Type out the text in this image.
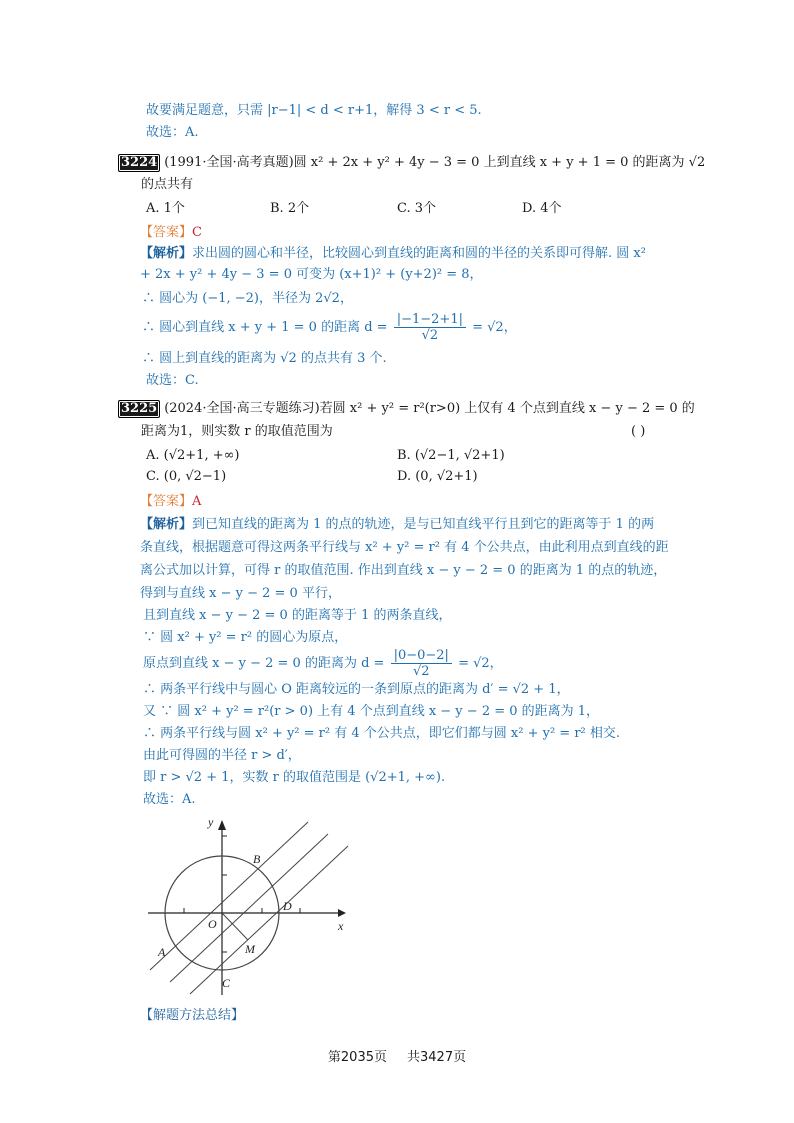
故要满足题意，只需 |r−1| < d < r+1，解得 3 < r < 5.
故选：A.
3224 (1991·全国·高考真题)圆 x² + 2x + y² + 4y − 3 = 0 上到直线 x + y + 1 = 0 的距离为 √2
的点共有
A. 1个	B. 2个	C. 3个	D. 4个
【答案】C
【解析】求出圆的圆心和半径，比较圆心到直线的距离和圆的半径的关系即可得解. 圆 x²
+ 2x + y² + 4y − 3 = 0 可变为 (x+1)² + (y+2)² = 8，
∴ 圆心为 (−1, −2)，半径为 2√2，
∴ 圆心到直线 x + y + 1 = 0 的距离 $d = \frac{|-1-2+1|}{√2} = √2$，
∴ 圆上到直线的距离为 √2 的点共有 3 个.
故选：C.
3225 (2024·全国·高三专题练习)若圆 x² + y² = r²(r>0) 上仅有 4 个点到直线 x − y − 2 = 0 的
距离为1，则实数 r 的取值范围为	( )
A. (√2+1, +∞)	B. (√2−1, √2+1)
C. (0, √2−1)	D. (0, √2+1)
【答案】A
【解析】到已知直线的距离为 1 的点的轨迹，是与已知直线平行且到它的距离等于 1 的两
条直线，根据题意可得这两条平行线与 x² + y² = r² 有 4 个公共点，由此利用点到直线的距
离公式加以计算，可得 r 的取值范围. 作出到直线 x − y − 2 = 0 的距离为 1 的点的轨迹，
得到与直线 x − y − 2 = 0 平行，
且到直线 x − y − 2 = 0 的距离等于 1 的两条直线，
∵ 圆 x² + y² = r² 的圆心为原点，
原点到直线 x − y − 2 = 0 的距离为 $d = \frac{|0-0-2|}{√2} = √2$，
∴ 两条平行线中与圆心 O 距离较远的一条到原点的距离为 d′ = √2 + 1，
又 ∵ 圆 x² + y² = r²(r > 0) 上有 4 个点到直线 x − y − 2 = 0 的距离为 1，
∴ 两条平行线与圆 x² + y² = r² 有 4 个公共点，即它们都与圆 x² + y² = r² 相交.
由此可得圆的半径 r > d′，
即 r > √2 + 1，实数 r 的取值范围是 (√2+1, +∞).
故选：A.
y
x
O
A
B
C
D
M
【解题方法总结】
第2035页 共3427页
